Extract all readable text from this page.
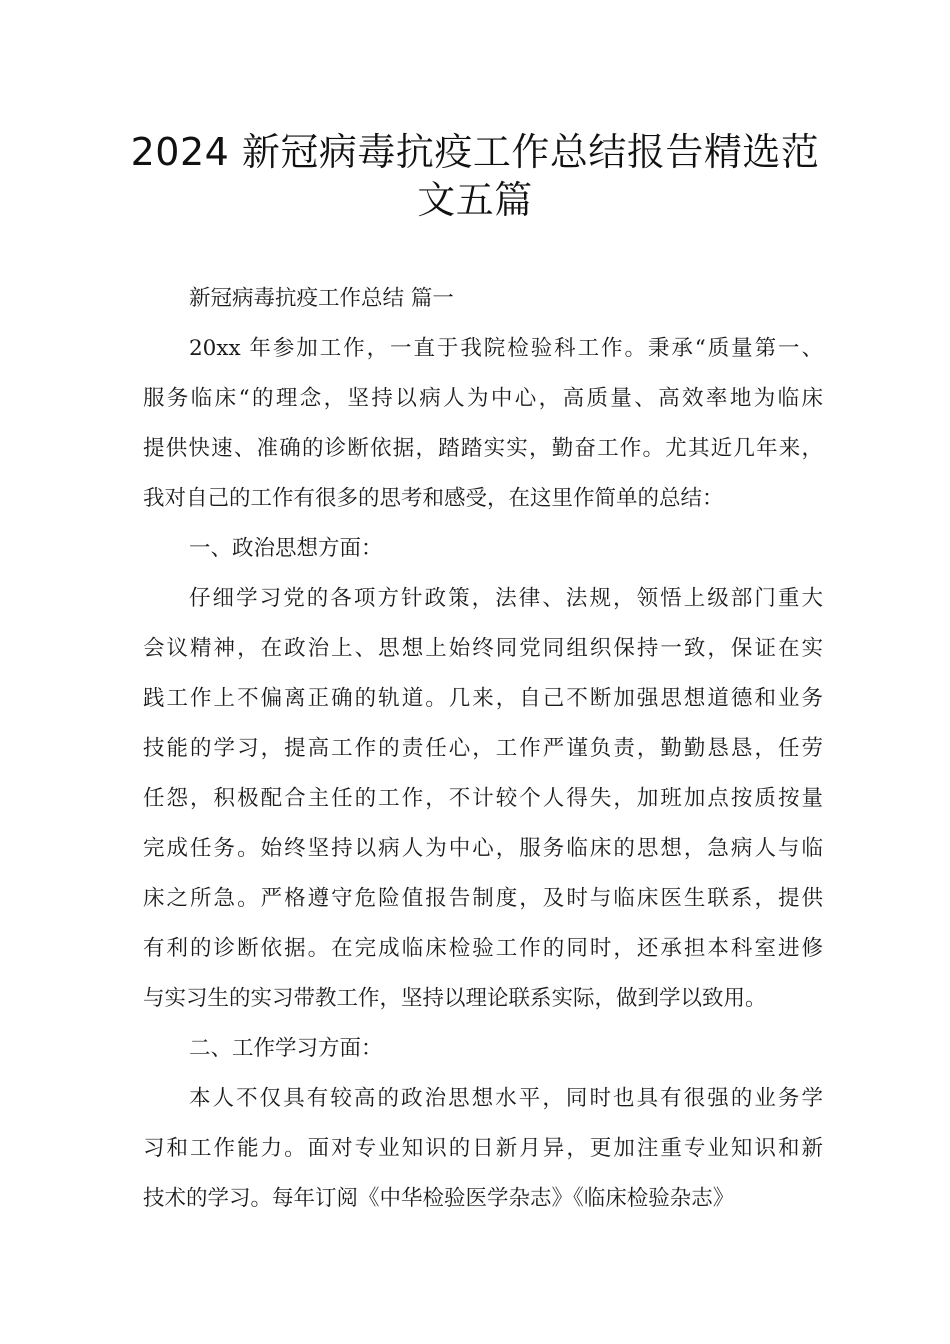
2024 新冠病毒抗疫工作总结报告精选范
文五篇
新冠病毒抗疫工作总结 篇一
20xx 年参加工作，一直于我院检验科工作。秉承“质量第一、
服务临床“的理念，坚持以病人为中心，高质量、高效率地为临床
提供快速、准确的诊断依据，踏踏实实，勤奋工作。尤其近几年来，
我对自己的工作有很多的思考和感受，在这里作简单的总结：
一、政治思想方面：
仔细学习党的各项方针政策，法律、法规，领悟上级部门重大
会议精神，在政治上、思想上始终同党同组织保持一致，保证在实
践工作上不偏离正确的轨道。几来，自己不断加强思想道德和业务
技能的学习，提高工作的责任心，工作严谨负责，勤勤恳恳，任劳
任怨，积极配合主任的工作，不计较个人得失，加班加点按质按量
完成任务。始终坚持以病人为中心，服务临床的思想，急病人与临
床之所急。严格遵守危险值报告制度，及时与临床医生联系，提供
有利的诊断依据。在完成临床检验工作的同时，还承担本科室进修
与实习生的实习带教工作，坚持以理论联系实际，做到学以致用。
二、工作学习方面：
本人不仅具有较高的政治思想水平，同时也具有很强的业务学
习和工作能力。面对专业知识的日新月异，更加注重专业知识和新
技术的学习。每年订阅《中华检验医学杂志》《临床检验杂志》
